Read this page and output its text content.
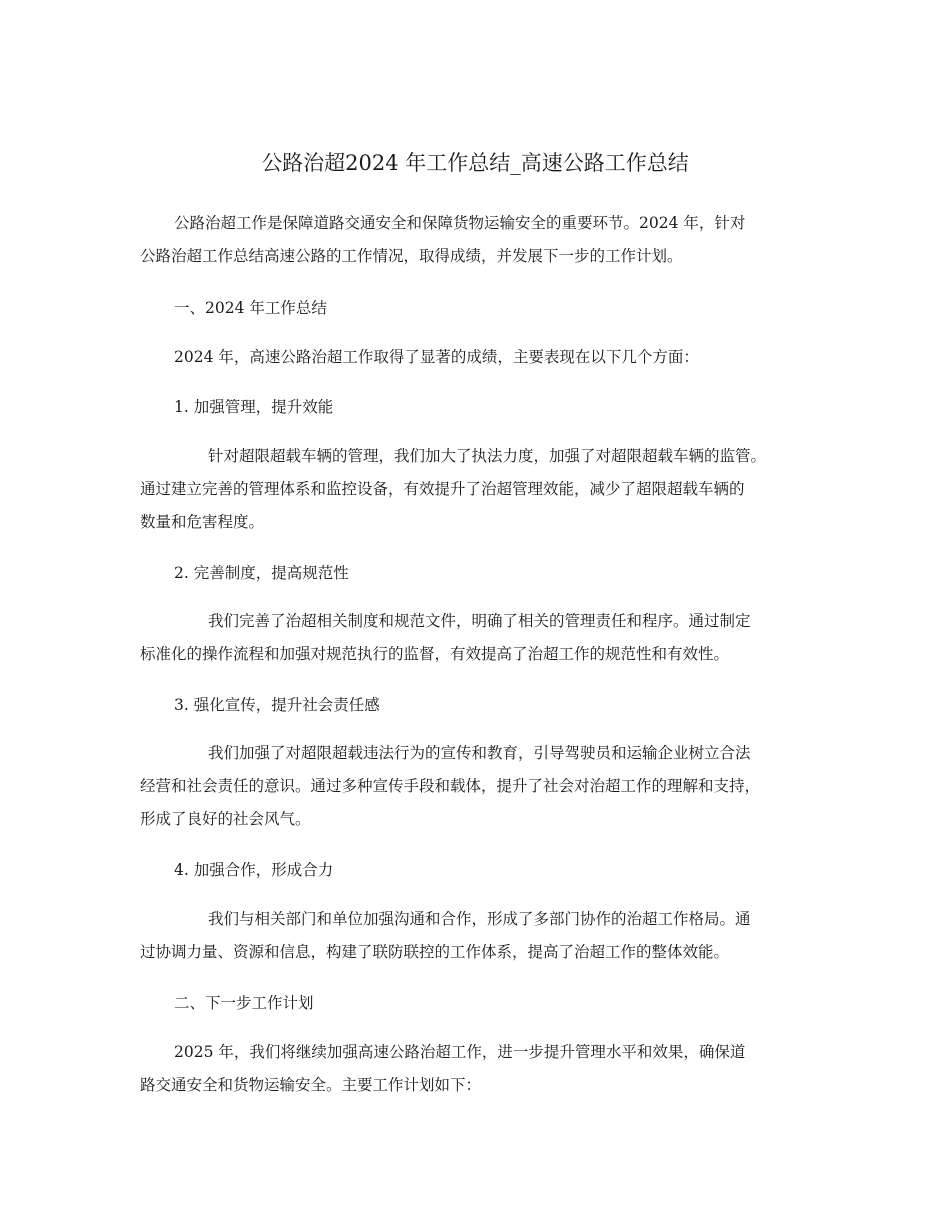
公路治超2024 年工作总结_高速公路工作总结
公路治超工作是保障道路交通安全和保障货物运输安全的重要环节。2024 年，针对
公路治超工作总结高速公路的工作情况，取得成绩，并发展下一步的工作计划。
一、2024 年工作总结
2024 年，高速公路治超工作取得了显著的成绩，主要表现在以下几个方面：
1. 加强管理，提升效能
针对超限超载车辆的管理，我们加大了执法力度，加强了对超限超载车辆的监管。
通过建立完善的管理体系和监控设备，有效提升了治超管理效能，减少了超限超载车辆的
数量和危害程度。
2. 完善制度，提高规范性
我们完善了治超相关制度和规范文件，明确了相关的管理责任和程序。通过制定
标准化的操作流程和加强对规范执行的监督，有效提高了治超工作的规范性和有效性。
3. 强化宣传，提升社会责任感
我们加强了对超限超载违法行为的宣传和教育，引导驾驶员和运输企业树立合法
经营和社会责任的意识。通过多种宣传手段和载体，提升了社会对治超工作的理解和支持，
形成了良好的社会风气。
4. 加强合作，形成合力
我们与相关部门和单位加强沟通和合作，形成了多部门协作的治超工作格局。通
过协调力量、资源和信息，构建了联防联控的工作体系，提高了治超工作的整体效能。
二、下一步工作计划
2025 年，我们将继续加强高速公路治超工作，进一步提升管理水平和效果，确保道
路交通安全和货物运输安全。主要工作计划如下：
